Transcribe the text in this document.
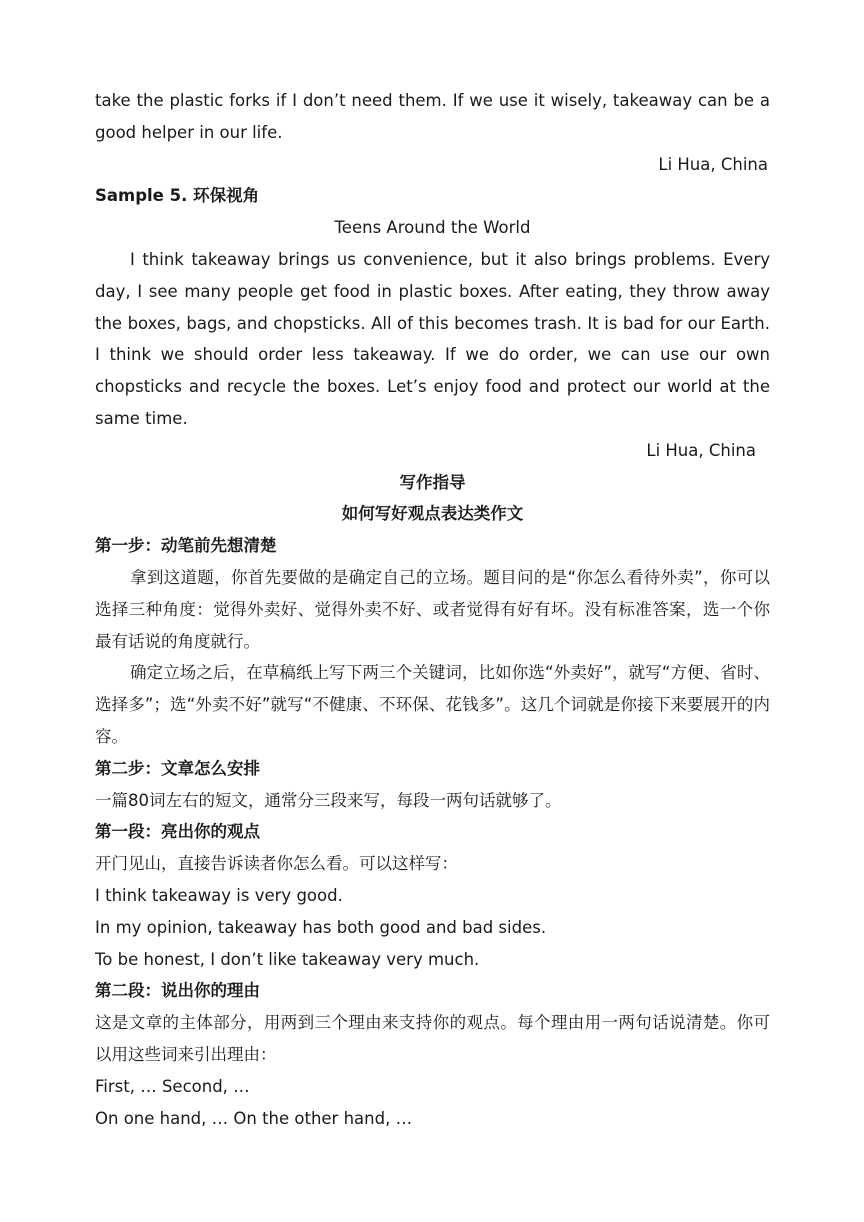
take the plastic forks if I don’t need them. If we use it wisely, takeaway can be a good helper in our life.
Li Hua, China
Sample 5. 环保视角
Teens Around the World
I think takeaway brings us convenience, but it also brings problems. Every day, I see many people get food in plastic boxes. After eating, they throw away the boxes, bags, and chopsticks. All of this becomes trash. It is bad for our Earth. I think we should order less takeaway. If we do order, we can use our own chopsticks and recycle the boxes. Let’s enjoy food and protect our world at the same time.
Li Hua, China
写作指导
如何写好观点表达类作文
第一步：动笔前先想清楚
拿到这道题，你首先要做的是确定自己的立场。题目问的是“你怎么看待外卖”，你可以选择三种角度：觉得外卖好、觉得外卖不好、或者觉得有好有坏。没有标准答案，选一个你最有话说的角度就行。
确定立场之后，在草稿纸上写下两三个关键词，比如你选“外卖好”，就写“方便、省时、选择多”；选“外卖不好”就写“不健康、不环保、花钱多”。这几个词就是你接下来要展开的内容。
第二步：文章怎么安排
一篇80词左右的短文，通常分三段来写，每段一两句话就够了。
第一段：亮出你的观点
开门见山，直接告诉读者你怎么看。可以这样写：
I think takeaway is very good.
In my opinion, takeaway has both good and bad sides.
To be honest, I don’t like takeaway very much.
第二段：说出你的理由
这是文章的主体部分，用两到三个理由来支持你的观点。每个理由用一两句话说清楚。你可以用这些词来引出理由：
First, … Second, …
On one hand, … On the other hand, …
